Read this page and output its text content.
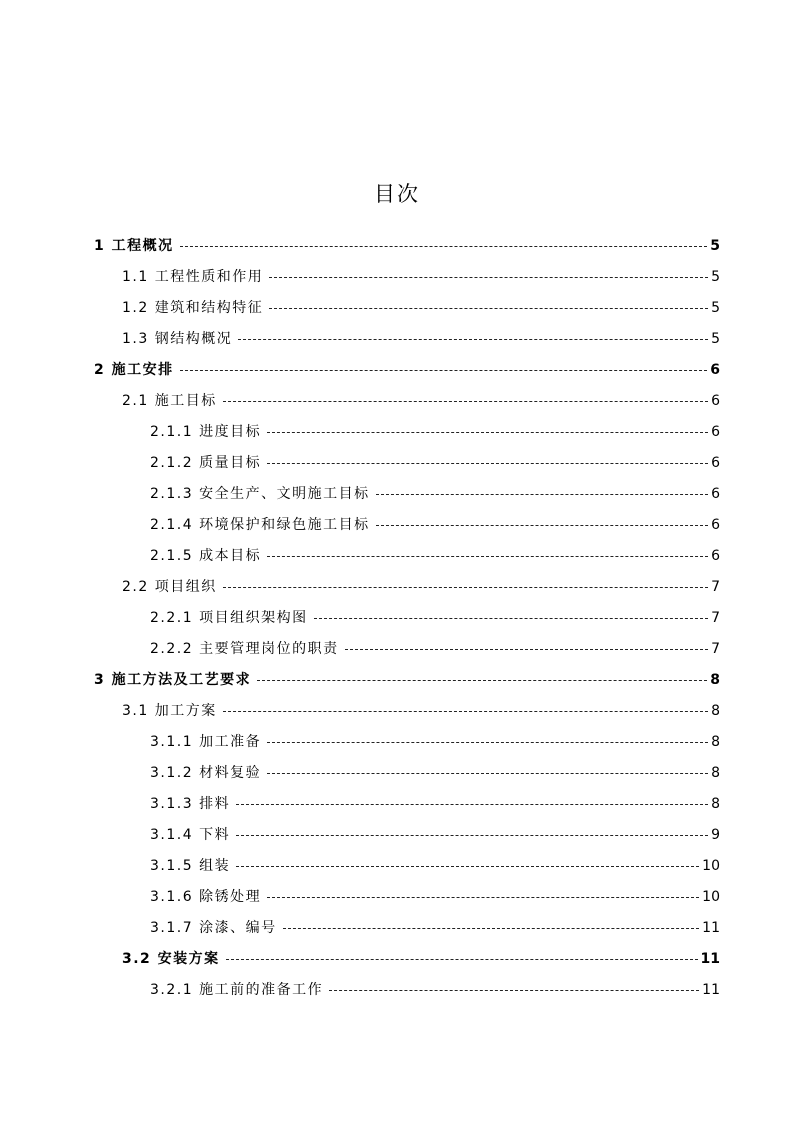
目次
1 工程概况	5
1.1 工程性质和作用	5
1.2 建筑和结构特征	5
1.3 钢结构概况	5
2 施工安排	6
2.1 施工目标	6
2.1.1 进度目标	6
2.1.2 质量目标	6
2.1.3 安全生产、文明施工目标	6
2.1.4 环境保护和绿色施工目标	6
2.1.5 成本目标	6
2.2 项目组织	7
2.2.1 项目组织架构图	7
2.2.2 主要管理岗位的职责	7
3 施工方法及工艺要求	8
3.1 加工方案	8
3.1.1 加工准备	8
3.1.2 材料复验	8
3.1.3 排料	8
3.1.4 下料	9
3.1.5 组装	10
3.1.6 除锈处理	10
3.1.7 涂漆、编号	11
3.2 安装方案	11
3.2.1 施工前的准备工作	11
